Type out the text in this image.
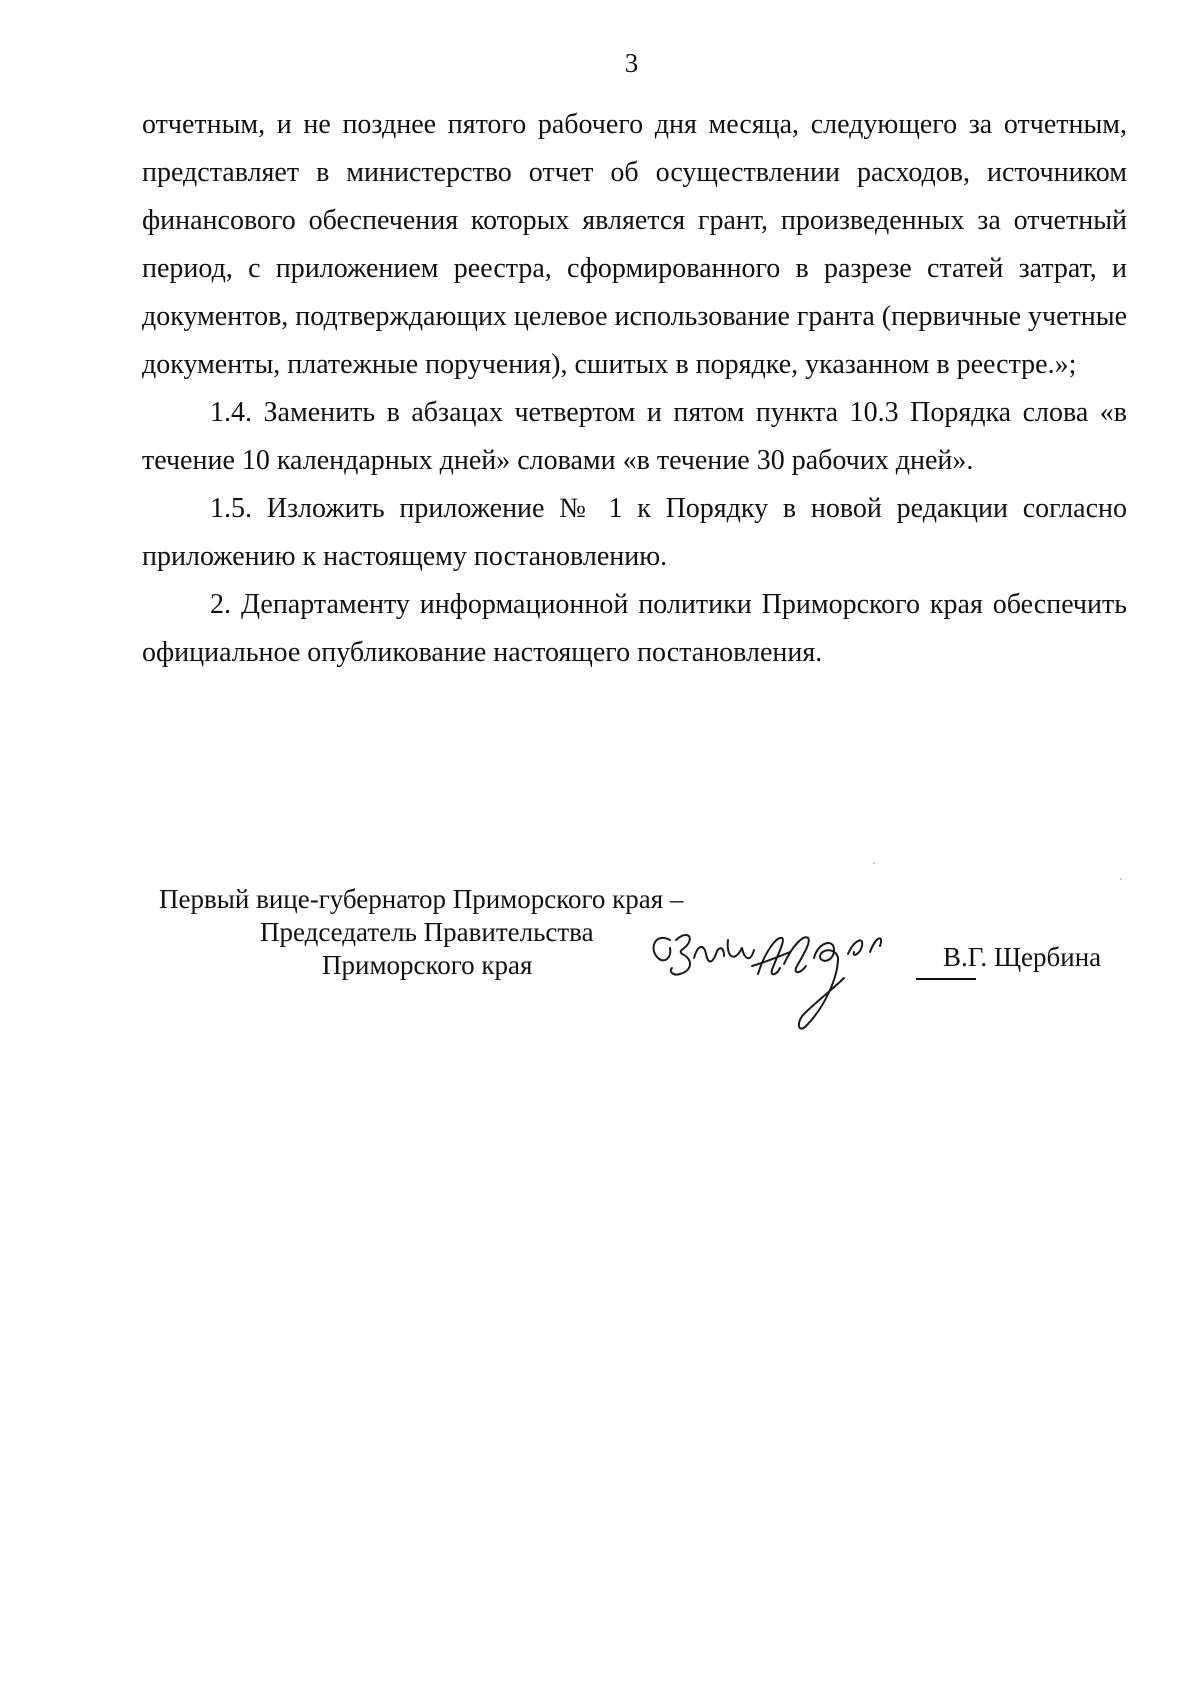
3

отчетным, и не позднее пятого рабочего дня месяца, следующего за отчетным, представляет в министерство отчет об осуществлении расходов, источником финансового обеспечения которых является грант, произведенных за отчетный период, с приложением реестра, сформированного в разрезе статей затрат, и документов, подтверждающих целевое использование гранта (первичные учетные документы, платежные поручения), сшитых в порядке, указанном в реестре.»;

1.4. Заменить в абзацах четвертом и пятом пункта 10.3 Порядка слова «в течение 10 календарных дней» словами «в течение 30 рабочих дней».

1.5. Изложить приложение № 1 к Порядку в новой редакции согласно приложению к настоящему постановлению.

2. Департаменту информационной политики Приморского края обеспечить официальное опубликование настоящего постановления.

Первый вице-губернатор Приморского края –
Председатель Правительства
Приморского края	В.Г. Щербина
